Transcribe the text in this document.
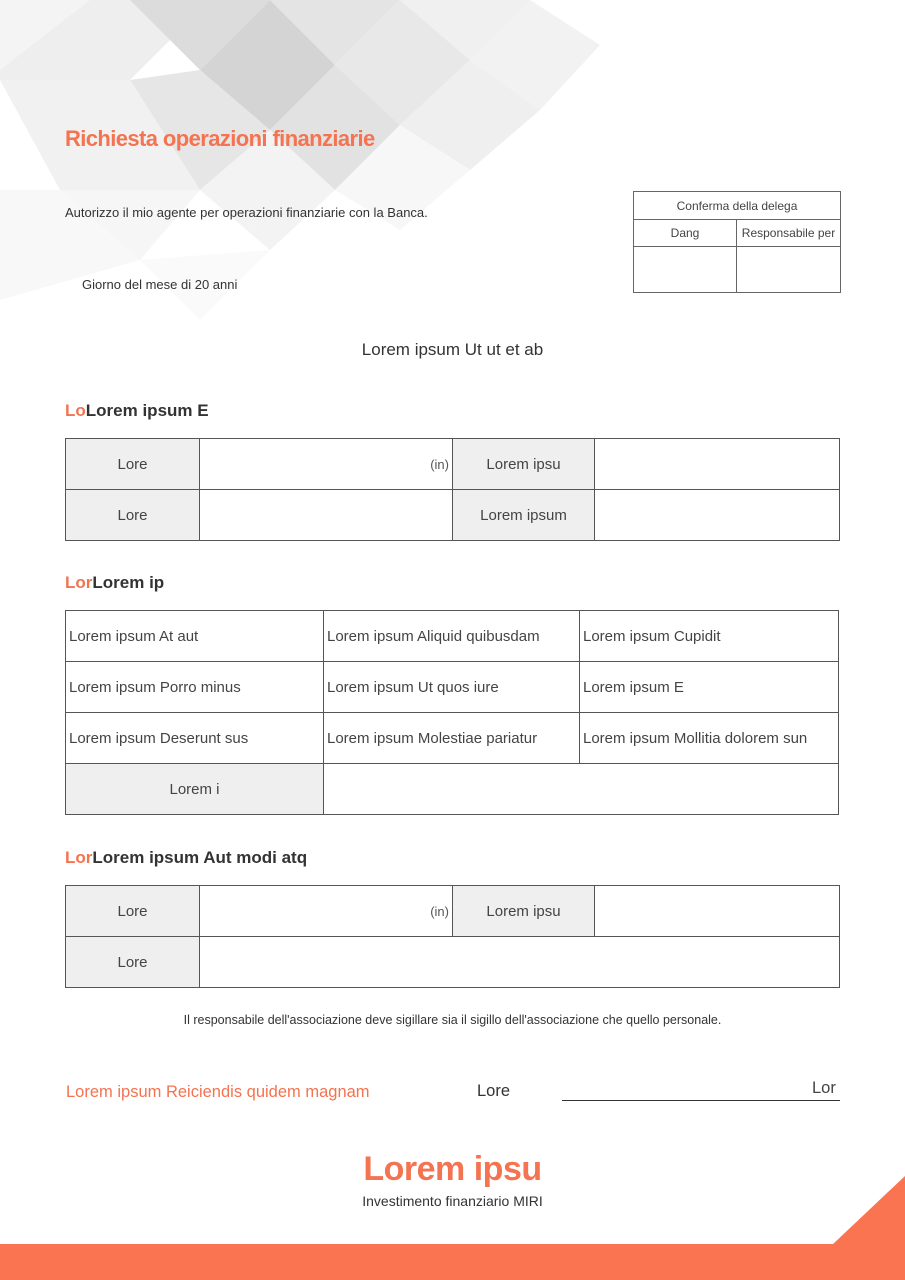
Richiesta operazioni finanziarie
Autorizzo il mio agente per operazioni finanziarie con la Banca.
Giorno del mese di 20 anni
Conferma della delega	
Dang	Responsabile per

Lorem ipsum Ut ut et ab
LoLorem ipsum E
Lore	(in)	Lorem ipsu	
Lore		Lorem ipsum	
LorLorem ip
Lorem ipsum At aut	Lorem ipsum Aliquid quibusdam	Lorem ipsum Cupidit
Lorem ipsum Porro minus	Lorem ipsum Ut quos iure	Lorem ipsum E
Lorem ipsum Deserunt sus	Lorem ipsum Molestiae pariatur	Lorem ipsum Mollitia dolorem sun
Lorem i		
LorLorem ipsum Aut modi atq
Lore	(in)	Lorem ipsu	
Lore			
Il responsabile dell'associazione deve sigillare sia il sigillo dell'associazione che quello personale.
Lorem ipsum Reiciendis quidem magnam	Lore	Lor
Lorem ipsu
Investimento finanziario MIRI
